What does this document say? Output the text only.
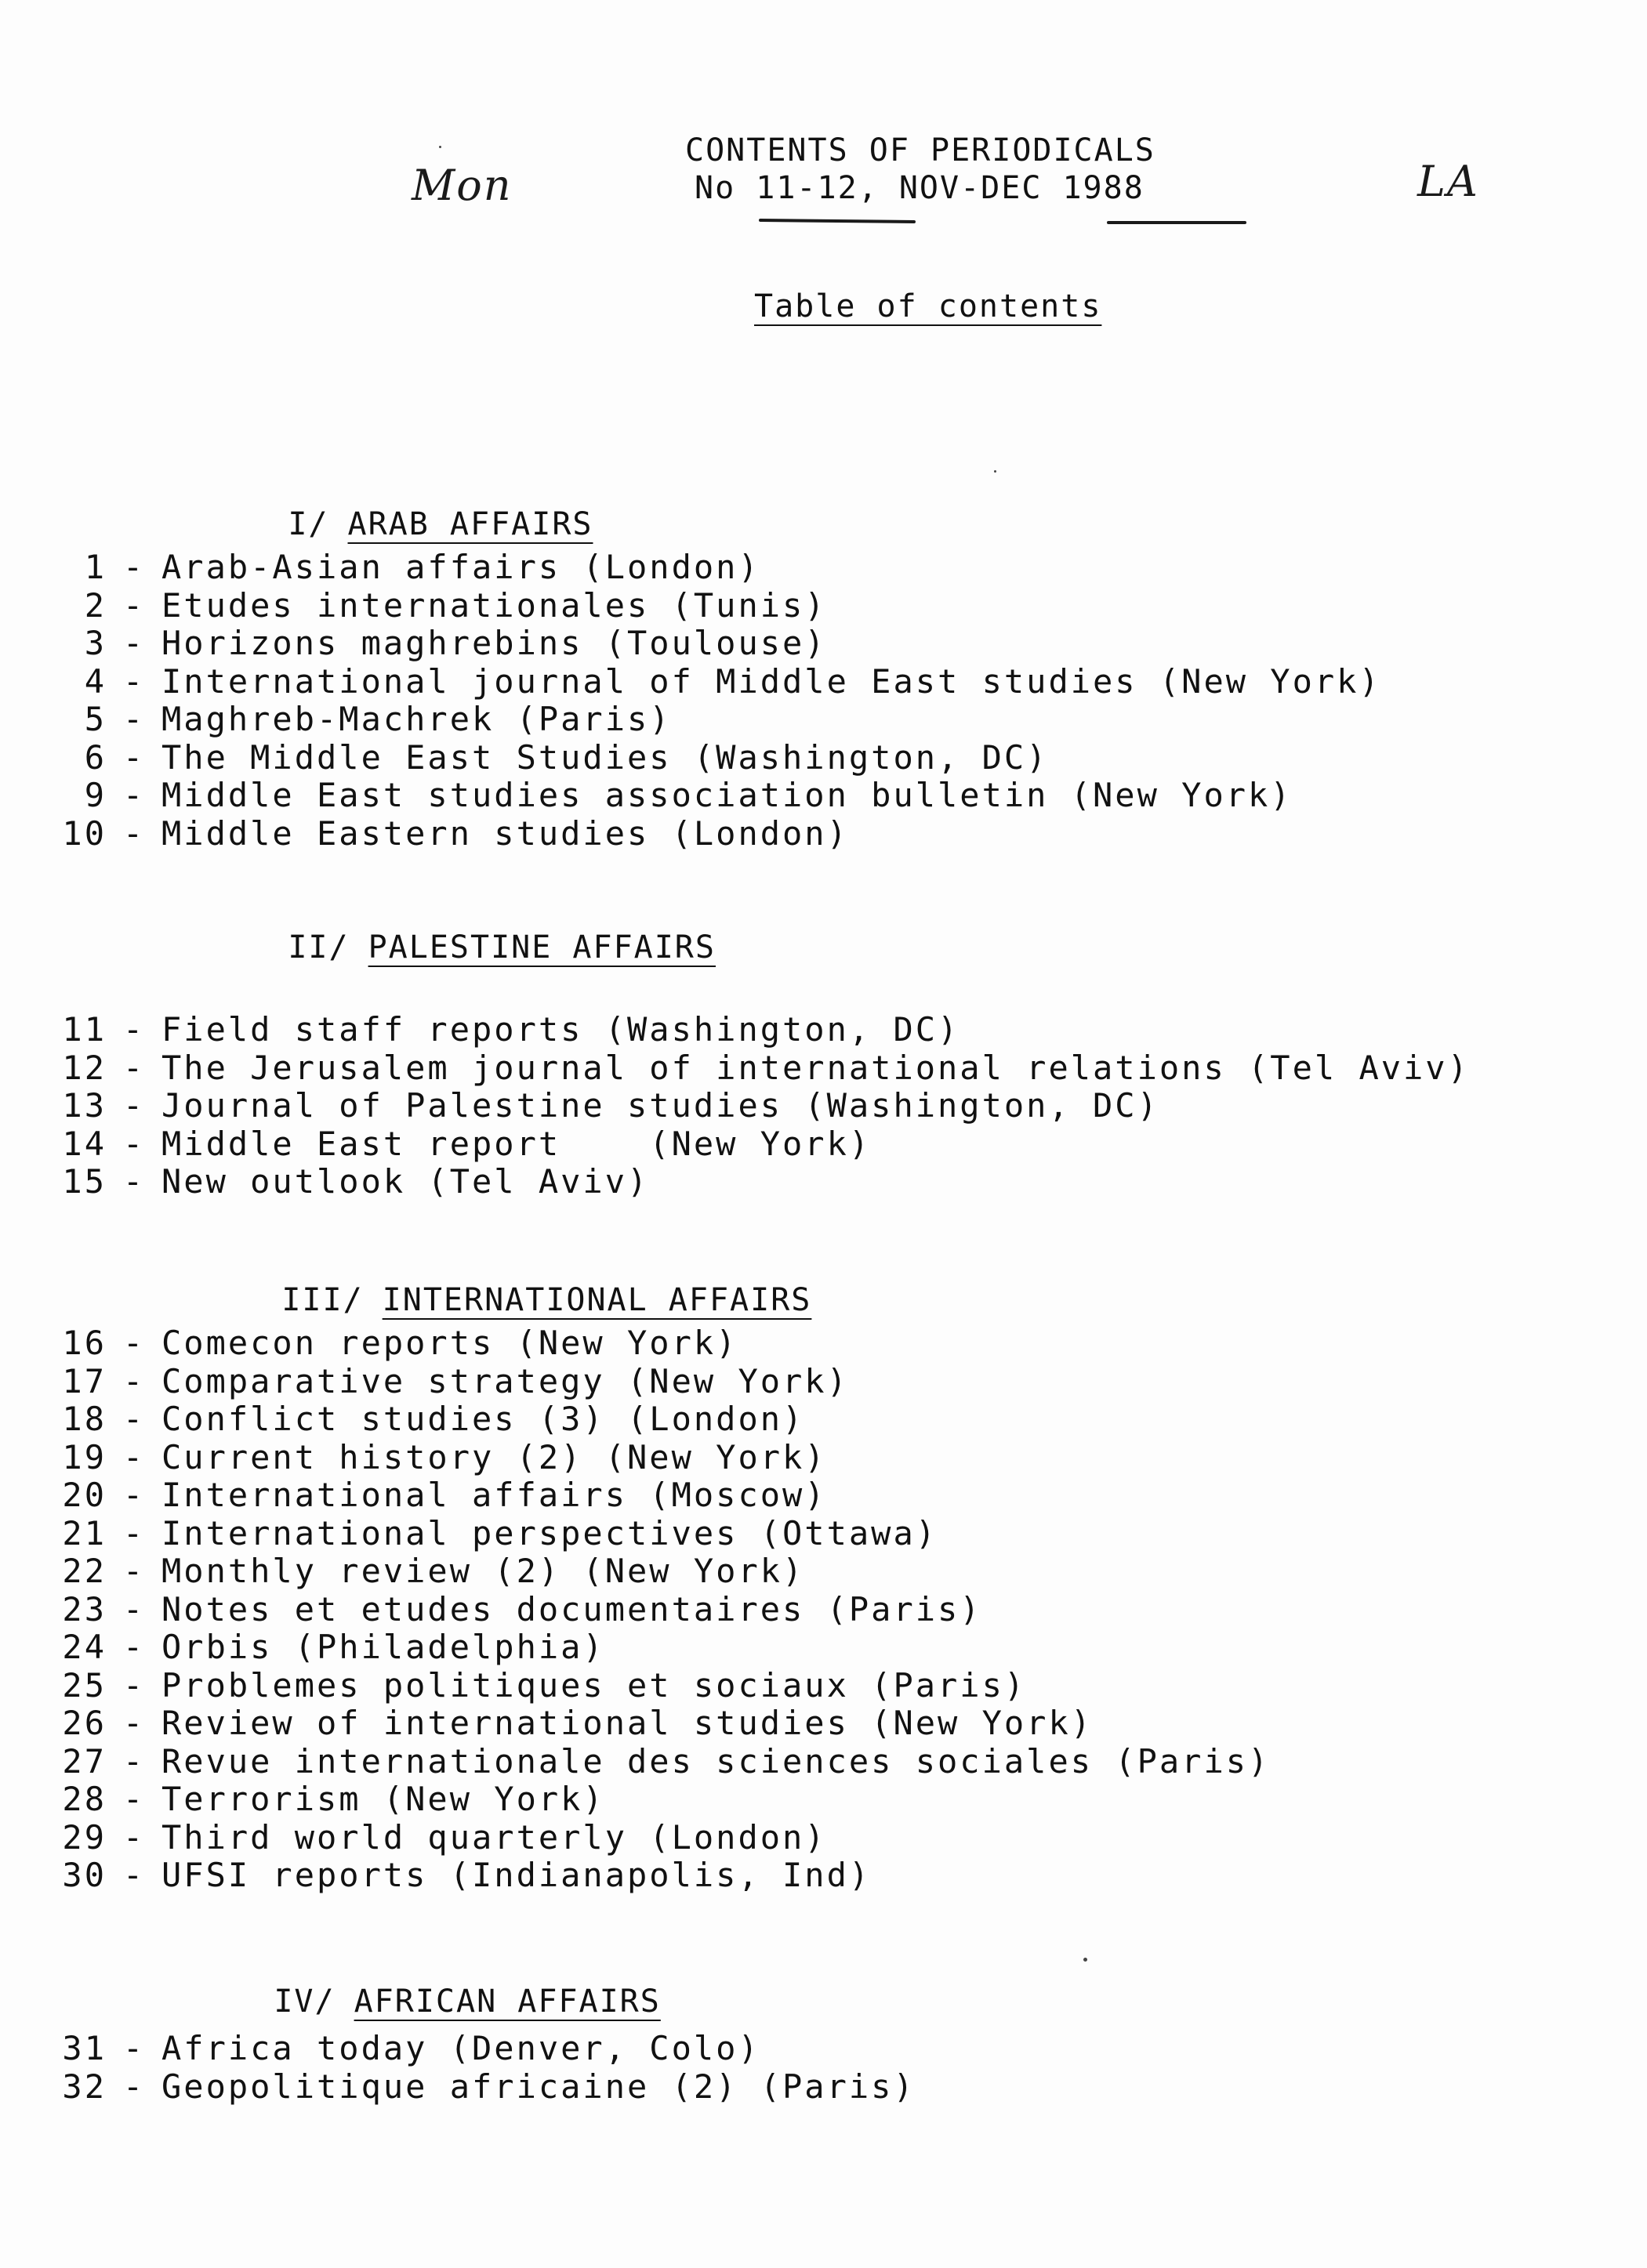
Mon	LA
CONTENTS OF PERIODICALS
No 11-12, NOV-DEC 1988
Table of contents

I/ ARAB AFFAIRS

1 - Arab-Asian affairs (London)
2 - Etudes internationales (Tunis)
3 - Horizons maghrebins (Toulouse)
4 - International journal of Middle East studies (New York)
5 - Maghreb-Machrek (Paris)
6 - The Middle East Studies (Washington, DC)
9 - Middle East studies association bulletin (New York)
10 - Middle Eastern studies (London)

II/ PALESTINE AFFAIRS

11 - Field staff reports (Washington, DC)
12 - The Jerusalem journal of international relations (Tel Aviv)
13 - Journal of Palestine studies (Washington, DC)
14 - Middle East report    (New York)
15 - New outlook (Tel Aviv)

III/ INTERNATIONAL AFFAIRS

16 - Comecon reports (New York)
17 - Comparative strategy (New York)
18 - Conflict studies (3) (London)
19 - Current history (2) (New York)
20 - International affairs (Moscow)
21 - International perspectives (Ottawa)
22 - Monthly review (2) (New York)
23 - Notes et etudes documentaires (Paris)
24 - Orbis (Philadelphia)
25 - Problemes politiques et sociaux (Paris)
26 - Review of international studies (New York)
27 - Revue internationale des sciences sociales (Paris)
28 - Terrorism (New York)
29 - Third world quarterly (London)
30 - UFSI reports (Indianapolis, Ind)

IV/ AFRICAN AFFAIRS

31 - Africa today (Denver, Colo)
32 - Geopolitique africaine (2) (Paris)
